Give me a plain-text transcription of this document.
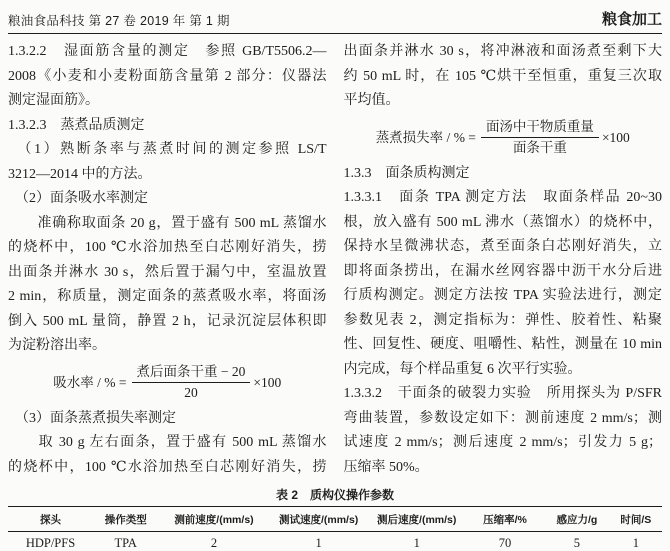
粮油食品科技 第 27 卷 2019 年 第 1 期	粮食加工
1.3.2.2　湿面筋含量的测定　参照 GB/T5506.2—
2008《小麦和小麦粉面筋含量第 2 部分：仪器法
测定湿面筋》。
1.3.2.3　蒸煮品质测定
　（1）熟断条率与蒸煮时间的测定参照 LS/T
3212—2014 中的方法。
　（2）面条吸水率测定
　　准确称取面条 20 g，置于盛有 500 mL 蒸馏水
的烧杯中，100 ℃水浴加热至白芯刚好消失，捞
出面条并淋水 30 s，然后置于漏勺中，室温放置
2 min，称质量，测定面条的蒸煮吸水率，将面汤
倒入 500 mL 量筒，静置 2 h，记录沉淀层体积即
为淀粉溶出率。
吸水率 / % = $\frac{\text{煮后面条干重 − 20}}{20} \times 100$
　（3）面条蒸煮损失率测定
　　取 30 g 左右面条，置于盛有 500 mL 蒸馏水
的烧杯中，100 ℃水浴加热至白芯刚好消失，捞
出面条并淋水 30 s，将冲淋液和面汤煮至剩下大
约 50 mL 时，在 105 ℃烘干至恒重，重复三次取
平均值。
蒸煮损失率 / % = $\frac{\text{面汤中干物质重量}}{\text{面条干重}} \times 100$
1.3.3　面条质构测定
1.3.3.1　面条 TPA 测定方法　取面条样品 20~30
根，放入盛有 500 mL 沸水（蒸馏水）的烧杯中，
保持水呈微沸状态，煮至面条白芯刚好消失，立
即将面条捞出，在漏水丝网容器中沥干水分后进
行质构测定。测定方法按 TPA 实验法进行，测定
参数见表 2，测定指标为：弹性、胶着性、粘聚
性、回复性、硬度、咀嚼性、粘性，测量在 10 min
内完成，每个样品重复 6 次平行实验。
1.3.3.2　干面条的破裂力实验　所用探头为 P/SFR
弯曲装置，参数设定如下：测前速度 2 mm/s；测
试速度 2 mm/s；测后速度 2 mm/s；引发力 5 g；
压缩率 50%。
表 2　质构仪操作参数
探头	操作类型	测前速度/(mm/s)	测试速度/(mm/s)	测后速度/(mm/s)	压缩率/%	感应力/g	时间/S
HDP/PFS	TPA	2	1	1	70	5	1
